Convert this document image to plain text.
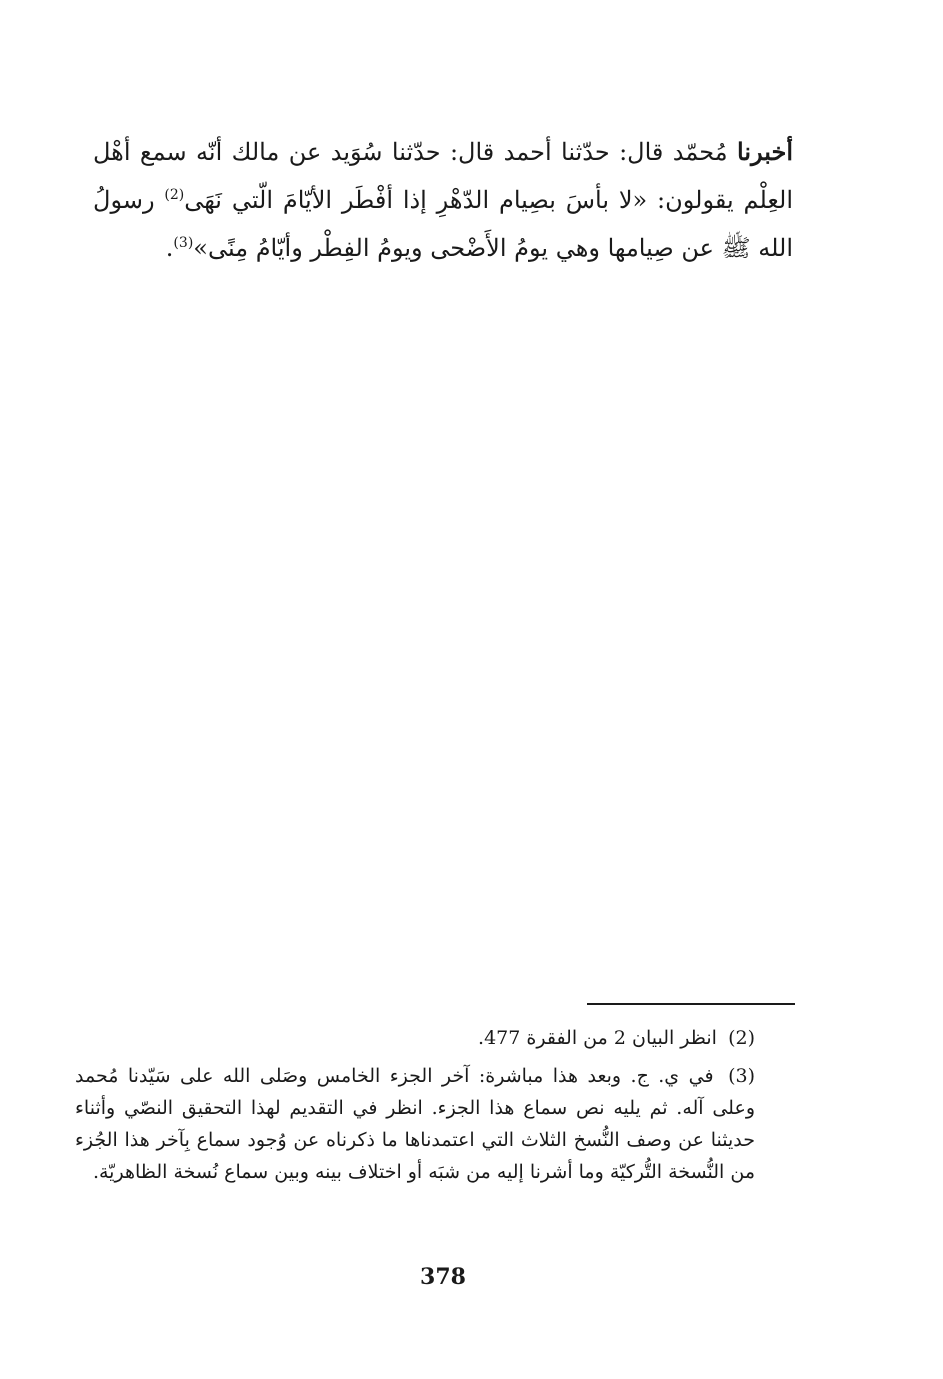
أخبرنا مُحمّد قال: حدّثنا أحمد قال: حدّثنا سُوَيد عن مالك أنّه سمع أهْل العِلْم يقولون: «لا بأسَ بصِيام الدّهْرِ إذا أفْطَر الأيّامَ الّتي نَهَى$^{(2)}$ رسولُ الله ﷺ عن صِيامها وهي يومُ الأَضْحى ويومُ الفِطْر وأيّامُ مِنًى»$^{(3)}$.

(2) انظر البيان 2 من الفقرة 477.

(3) في ي. ج. وبعد هذا مباشرة: آخر الجزء الخامس وصَلى الله على سَيّدنا مُحمد وعلى آله. ثم يليه نص سماع هذا الجزء. انظر في التقديم لهذا التحقيق النصّي وأثناء حديثنا عن وصف النُّسخ الثلاث التي اعتمدناها ما ذكرناه عن وُجود سماع بِآخر هذا الجُزء من النُّسخة التُّركيّة وما أشرنا إليه من شبَه أو اختلاف بينه وبين سماع نُسخة الظاهريّة.

378
